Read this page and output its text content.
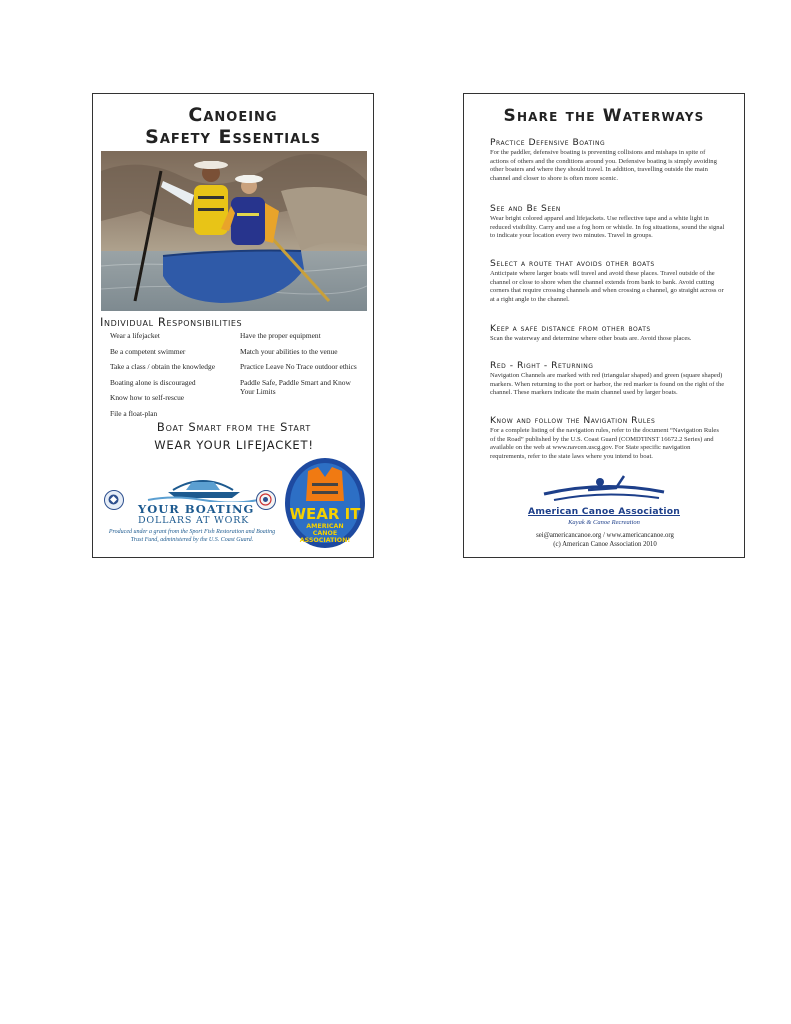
Canoeing
Safety Essentials
Individual Responsibilities
Wear a lifejacket
Be a competent swimmer
Take a class / obtain the knowledge
Boating alone is discouraged
Know how to self-rescue
File a float-plan
Have the proper equipment
Match your abilities to the venue
Practice Leave No Trace outdoor ethics
Paddle Safe, Paddle Smart and Know Your Limits
Boat Smart from the Start
WEAR YOUR LIFEJACKET!
YOUR BOATING
DOLLARS AT WORK
Produced under a grant from the Sport Fish Restoration and Boating Trust Fund, administered by the U.S. Coast Guard.
WEAR IT
AMERICAN CANOE ASSOCIATION!
Share the Waterways

Practice Defensive Boating

For the paddler, defensive boating is preventing collisions and mishaps in spite of actions of others and the conditions around you. Defensive boating is simply avoiding other boaters and where they should travel. In addition, travelling outside the main channel and closer to shore is often more scenic.

See and Be Seen

Wear bright colored apparel and lifejackets. Use reflective tape and a white light in reduced visibility. Carry and use a fog horn or whistle. In fog situations, sound the signal to indicate your location every two minutes. Travel in groups.

Select a route that avoids other boats

Anticipate where larger boats will travel and avoid these places. Travel outside of the channel or close to shore when the channel extends from bank to bank. Avoid cutting corners that require crossing channels and when crossing a channel, go straight across or at a right angle to the channel.

Keep a safe distance from other boats

Scan the waterway and determine where other boats are. Avoid those places.

Red - Right - Returning

Navigation Channels are marked with red (triangular shaped) and green (square shaped) markers. When returning to the port or harbor, the red marker is found on the right of the channel. These markers indicate the main channel used by larger boats.

Know and follow the Navigation Rules

For a complete listing of the navigation rules, refer to the document “Navigation Rules of the Road” published by the U.S. Coast Guard (COMDTINST 16672.2 Series) and available on the web at www.navcen.uscg.gov. For State specific navigation requirements, refer to the state laws where you intend to boat.

American Canoe Association
Kayak & Canoe Recreation
sei@americancanoe.org / www.americancanoe.org
(c) American Canoe Association 2010
